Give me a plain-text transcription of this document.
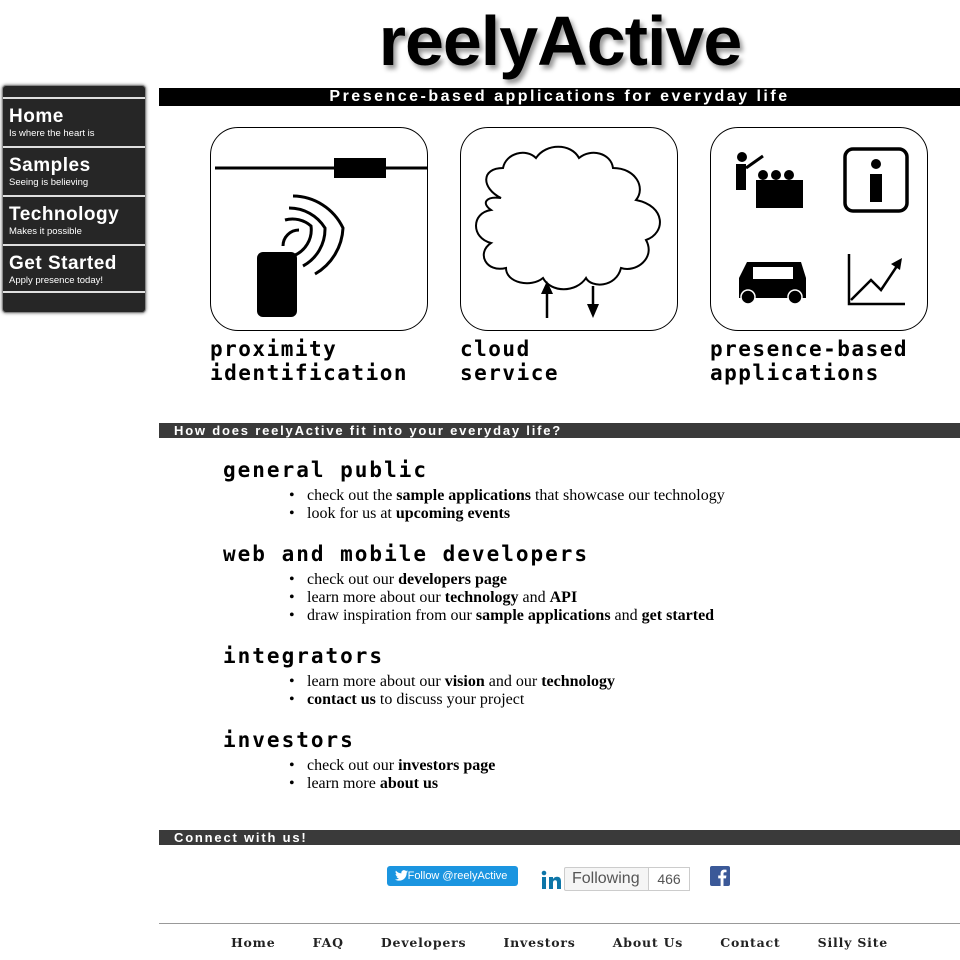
reelyActive
Presence-based applications for everyday life
Home
Is where the heart is
Samples
Seeing is believing
Technology
Makes it possible
Get Started
Apply presence today!
proximity
identification
cloud
service
presence-based
applications
How does reelyActive fit into your everyday life?
general public
• check out the sample applications that showcase our technology
• look for us at upcoming events
web and mobile developers
• check out our developers page
• learn more about our technology and API
• draw inspiration from our sample applications and get started
integrators
• learn more about our vision and our technology
• contact us to discuss your project
investors
• check out our investors page
• learn more about us
Connect with us!
Follow @reelyActive	Following	466
Home	FAQ	Developers	Investors	About Us	Contact	Silly Site
